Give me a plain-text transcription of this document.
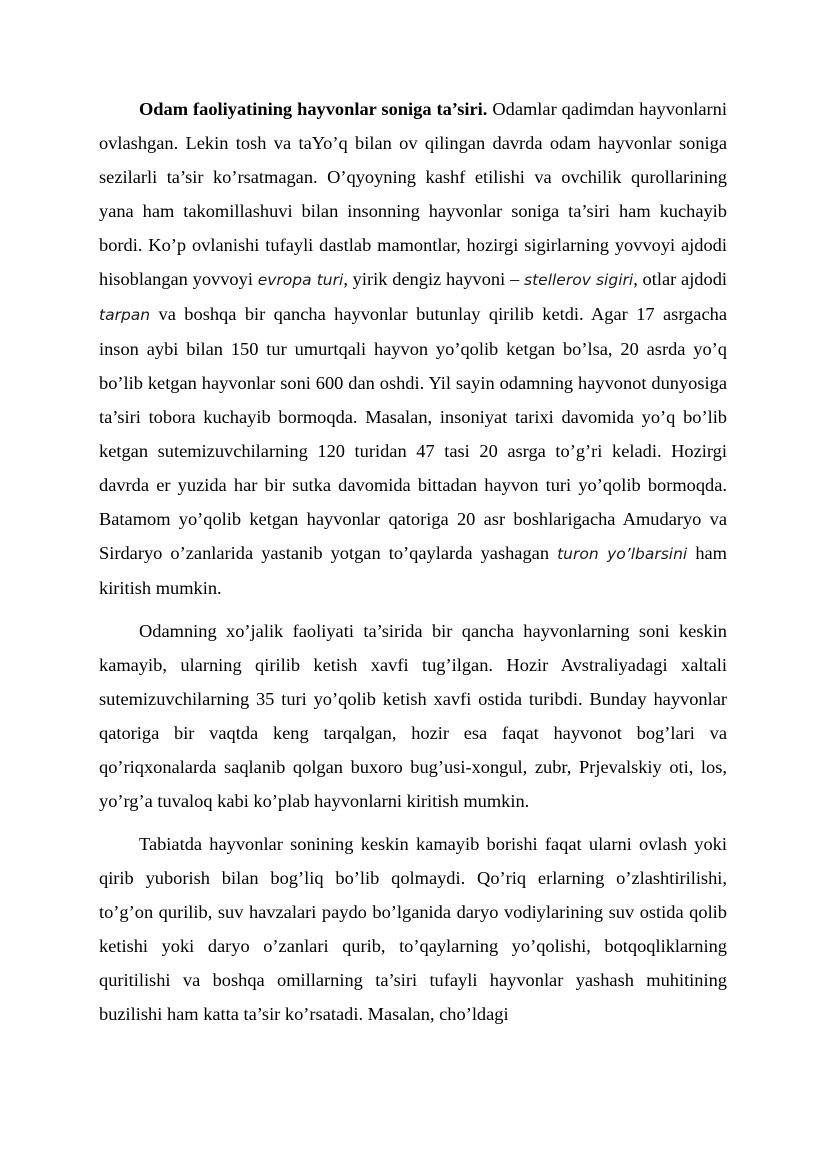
Odam faoliyatining hayvonlar soniga ta’siri. Odamlar qadimdan hayvonlarni ovlashgan. Lekin tosh va taYo’q bilan ov qilingan davrda odam hayvonlar soniga sezilarli ta’sir ko’rsatmagan. O’qyoyning kashf etilishi va ovchilik qurollarining yana ham takomillashuvi bilan insonning hayvonlar soniga ta’siri ham kuchayib bordi. Ko’p ovlanishi tufayli dastlab mamontlar, hozirgi sigirlarning yovvoyi ajdodi hisoblangan yovvoyi evropa turi, yirik dengiz hayvoni – stellerov sigiri, otlar ajdodi tarpan va boshqa bir qancha hayvonlar butunlay qirilib ketdi. Agar 17 asrgacha inson aybi bilan 150 tur umurtqali hayvon yo’qolib ketgan bo’lsa, 20 asrda yo’q bo’lib ketgan hayvonlar soni 600 dan oshdi. Yil sayin odamning hayvonot dunyosiga ta’siri tobora kuchayib bormoqda. Masalan, insoniyat tarixi davomida yo’q bo’lib ketgan sutemizuvchilarning 120 turidan 47 tasi 20 asrga to’g’ri keladi. Hozirgi davrda er yuzida har bir sutka davomida bittadan hayvon turi yo’qolib bormoqda. Batamom yo’qolib ketgan hayvonlar qatoriga 20 asr boshlarigacha Amudaryo va Sirdaryo o’zanlarida yastanib yotgan to’qaylarda yashagan turon yo’lbarsini ham kiritish mumkin.

Odamning xo’jalik faoliyati ta’sirida bir qancha hayvonlarning soni keskin kamayib, ularning qirilib ketish xavfi tug’ilgan. Hozir Avstraliyadagi xaltali sutemizuvchilarning 35 turi yo’qolib ketish xavfi ostida turibdi. Bunday hayvonlar qatoriga bir vaqtda keng tarqalgan, hozir esa faqat hayvonot bog’lari va qo’riqxonalarda saqlanib qolgan buxoro bug’usi-xongul, zubr, Prjevalskiy oti, los, yo’rg’a tuvaloq kabi ko’plab hayvonlarni kiritish mumkin.

Tabiatda hayvonlar sonining keskin kamayib borishi faqat ularni ovlash yoki qirib yuborish bilan bog’liq bo’lib qolmaydi. Qo’riq erlarning o’zlashtirilishi, to’g’on qurilib, suv havzalari paydo bo’lganida daryo vodiylarining suv ostida qolib ketishi yoki daryo o’zanlari qurib, to’qaylarning yo’qolishi, botqoqliklarning quritilishi va boshqa omillarning ta’siri tufayli hayvonlar yashash muhitining buzilishi ham katta ta’sir ko’rsatadi. Masalan, cho’ldagi
